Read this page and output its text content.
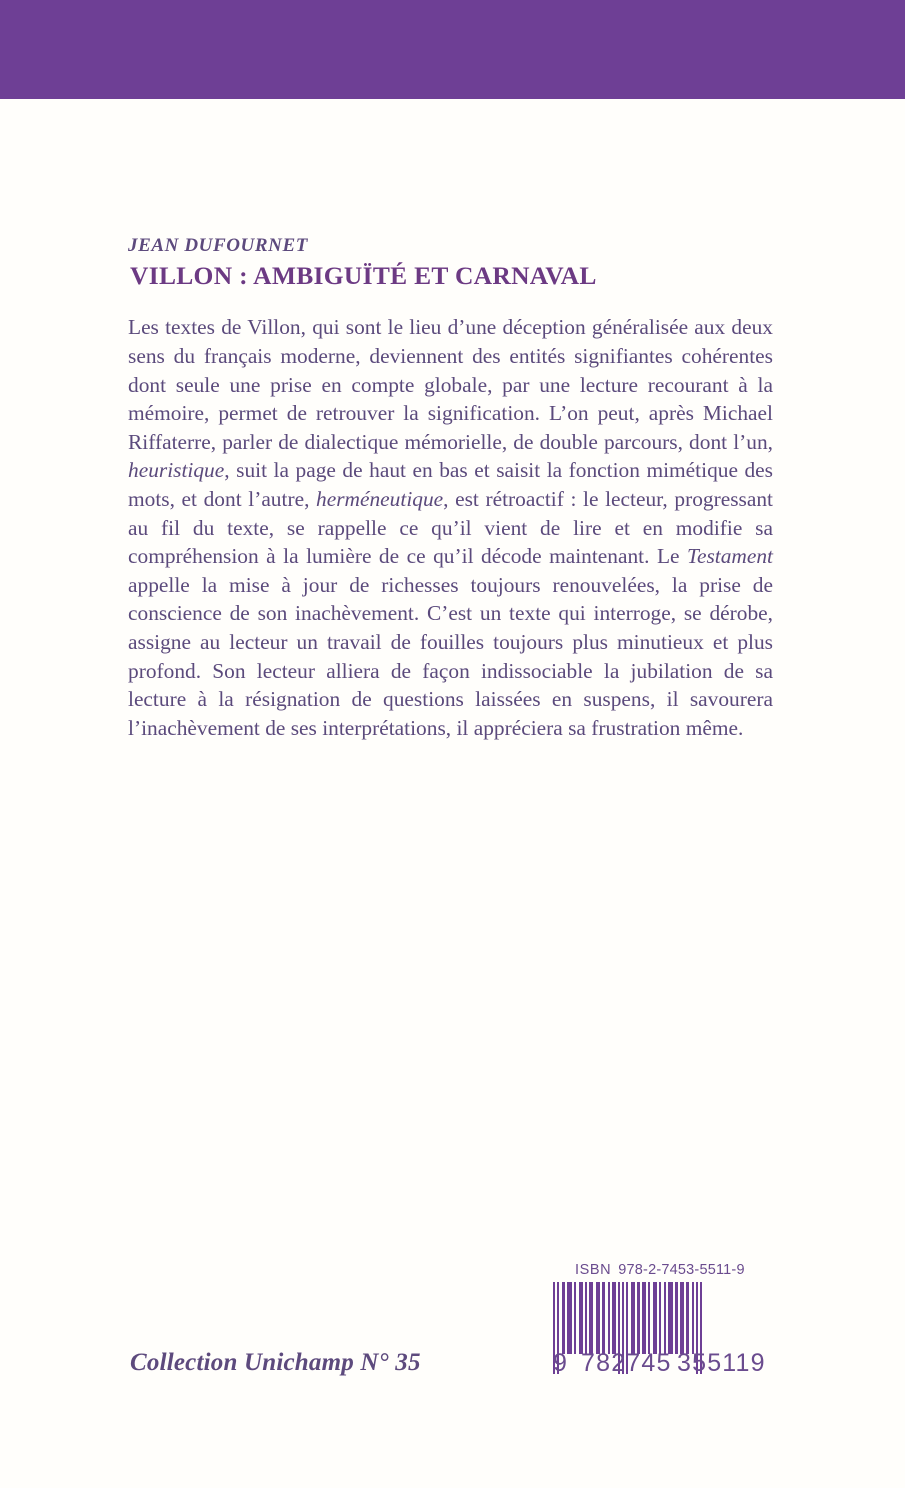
JEAN DUFOURNET
VILLON : AMBIGUÏTÉ ET CARNAVAL

Les textes de Villon, qui sont le lieu d’une déception généralisée aux deux sens du français moderne, deviennent des entités signifiantes cohérentes dont seule une prise en compte globale, par une lecture recourant à la mémoire, permet de retrouver la signification. L’on peut, après Michael Riffaterre, parler de dialectique mémorielle, de double parcours, dont l’un, heuristique, suit la page de haut en bas et saisit la fonction mimétique des mots, et dont l’autre, herméneutique, est rétroactif : le lecteur, progressant au fil du texte, se rappelle ce qu’il vient de lire et en modifie sa compréhension à la lumière de ce qu’il décode maintenant. Le Testament appelle la mise à jour de richesses toujours renouvelées, la prise de conscience de son inachèvement. C’est un texte qui interroge, se dérobe, assigne au lecteur un travail de fouilles toujours plus minutieux et plus profond. Son lecteur alliera de façon indissociable la jubilation de sa lecture à la résignation de questions laissées en suspens, il savourera l’inachèvement de ses interprétations, il appréciera sa frustration même.

Collection Unichamp N° 35
ISBN 978-2-7453-5511-9
9 782745 355119
